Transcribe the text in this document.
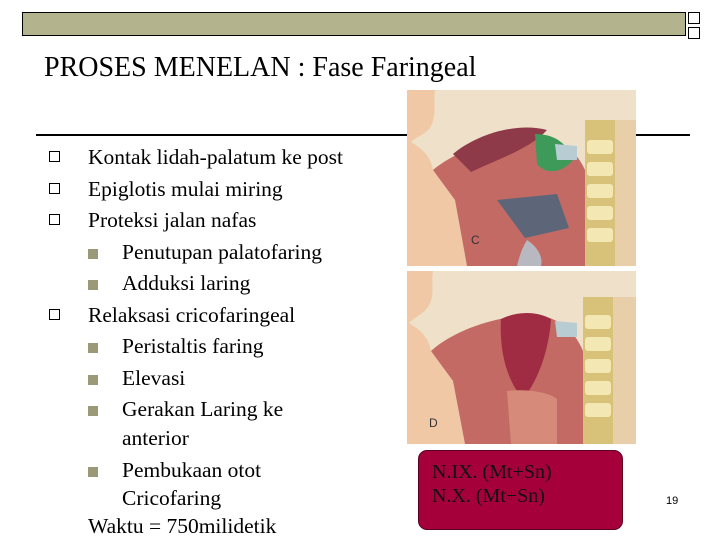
PROSES MENELAN : Fase Faringeal
Kontak lidah-palatum ke post
Epiglotis mulai miring
Proteksi jalan nafas
Penutupan palatofaring
Adduksi laring
Relaksasi cricofaringeal
Peristaltis faring
Elevasi
Gerakan Laring ke
anterior
Pembukaan otot
Cricofaring
Waktu = 750milidetik
C
D
N.IX. (Mt+Sn)
N.X. (Mt+Sn)	19
